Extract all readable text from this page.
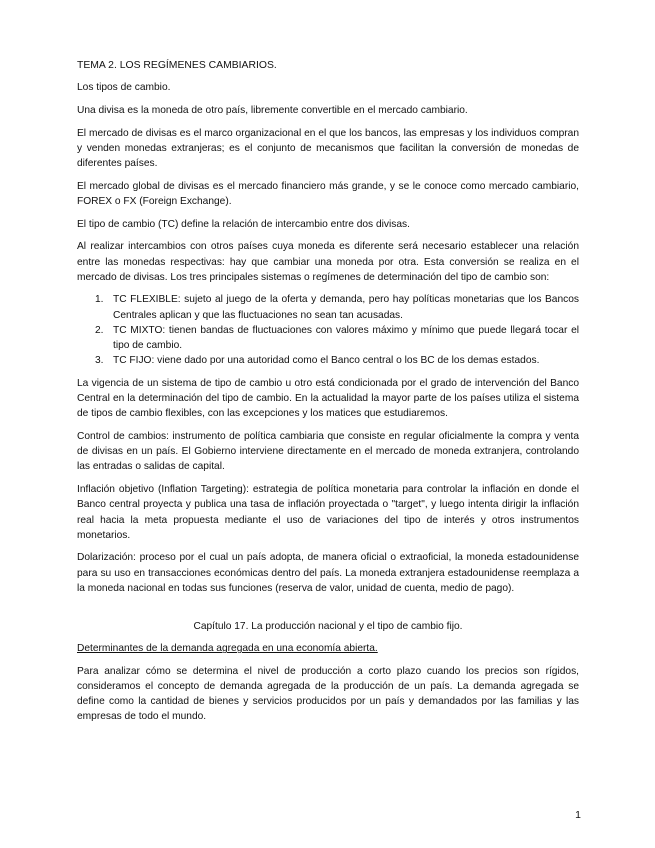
TEMA 2. LOS REGÍMENES CAMBIARIOS.

Los tipos de cambio.

Una divisa es la moneda de otro país, libremente convertible en el mercado cambiario.

El mercado de divisas es el marco organizacional en el que los bancos, las empresas y los individuos compran y venden monedas extranjeras; es el conjunto de mecanismos que facilitan la conversión de monedas de diferentes países.

El mercado global de divisas es el mercado financiero más grande, y se le conoce como mercado cambiario, FOREX o FX (Foreign Exchange).

El tipo de cambio (TC) define la relación de intercambio entre dos divisas.

Al realizar intercambios con otros países cuya moneda es diferente será necesario establecer una relación entre las monedas respectivas: hay que cambiar una moneda por otra. Esta conversión se realiza en el mercado de divisas. Los tres principales sistemas o regímenes de determinación del tipo de cambio son:

1. TC FLEXIBLE: sujeto al juego de la oferta y demanda, pero hay políticas monetarias que los Bancos Centrales aplican y que las fluctuaciones no sean tan acusadas.
2. TC MIXTO: tienen bandas de fluctuaciones con valores máximo y mínimo que puede llegará tocar el tipo de cambio.
3. TC FIJO: viene dado por una autoridad como el Banco central o los BC de los demas estados.

La vigencia de un sistema de tipo de cambio u otro está condicionada por el grado de intervención del Banco Central en la determinación del tipo de cambio. En la actualidad la mayor parte de los países utiliza el sistema de tipos de cambio flexibles, con las excepciones y los matices que estudiaremos.

Control de cambios: instrumento de política cambiaria que consiste en regular oficialmente la compra y venta de divisas en un país. El Gobierno interviene directamente en el mercado de moneda extranjera, controlando las entradas o salidas de capital.

Inflación objetivo (Inflation Targeting): estrategia de política monetaria para controlar la inflación en donde el Banco central proyecta y publica una tasa de inflación proyectada o "target", y luego intenta dirigir la inflación real hacia la meta propuesta mediante el uso de variaciones del tipo de interés y otros instrumentos monetarios.

Dolarización: proceso por el cual un país adopta, de manera oficial o extraoficial, la moneda estadounidense para su uso en transacciones económicas dentro del país. La moneda extranjera estadounidense reemplaza a la moneda nacional en todas sus funciones (reserva de valor, unidad de cuenta, medio de pago).

Capítulo 17. La producción nacional y el tipo de cambio fijo.
Determinantes de la demanda agregada en una economía abierta.

Para analizar cómo se determina el nivel de producción a corto plazo cuando los precios son rígidos, consideramos el concepto de demanda agregada de la producción de un país. La demanda agregada se define como la cantidad de bienes y servicios producidos por un país y demandados por las familias y las empresas de todo el mundo.

1
